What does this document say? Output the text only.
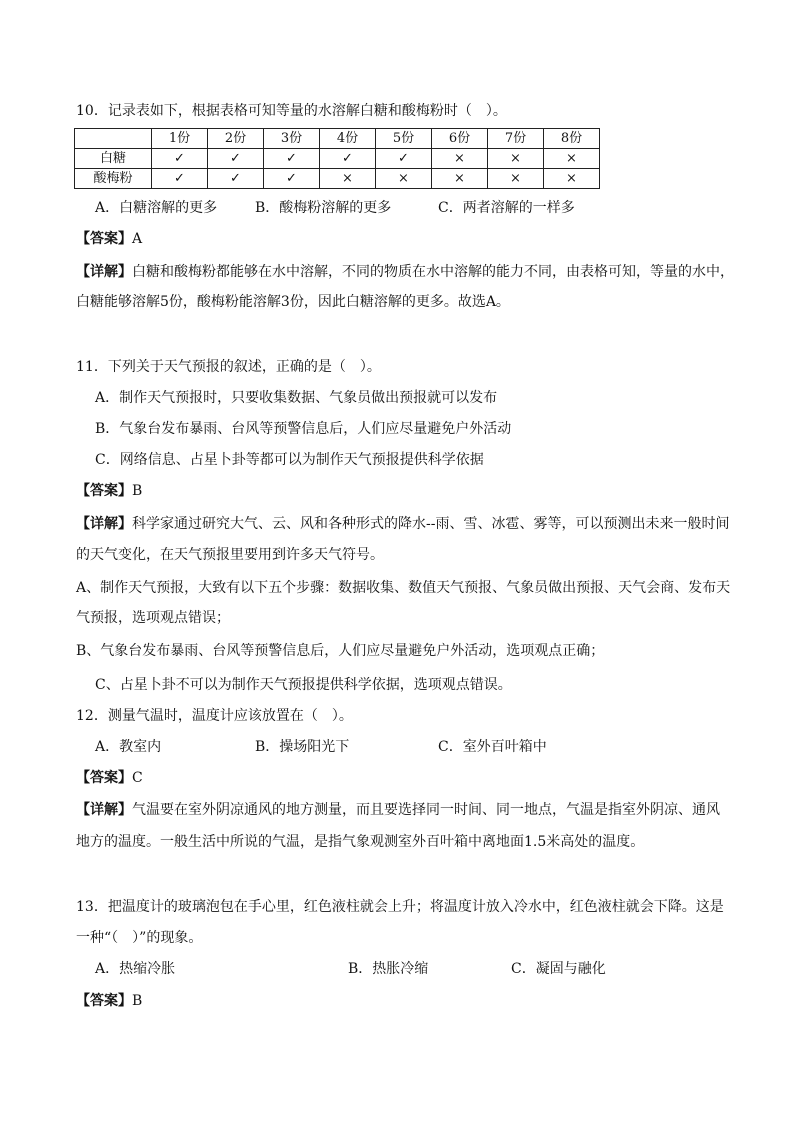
10．记录表如下，根据表格可知等量的水溶解白糖和酸梅粉时（　）。
	1份	2份	3份	4份	5份	6份	7份	8份
白糖	✓	✓	✓	✓	✓	×	×	×
酸梅粉	✓	✓	✓	×	×	×	×	×
A．白糖溶解的更多	B．酸梅粉溶解的更多	C．两者溶解的一样多
【答案】A
【详解】白糖和酸梅粉都能够在水中溶解，不同的物质在水中溶解的能力不同，由表格可知，等量的水中，
白糖能够溶解5份，酸梅粉能溶解3份，因此白糖溶解的更多。故选A。
11．下列关于天气预报的叙述，正确的是（　）。
A．制作天气预报时，只要收集数据、气象员做出预报就可以发布
B．气象台发布暴雨、台风等预警信息后，人们应尽量避免户外活动
C．网络信息、占星卜卦等都可以为制作天气预报提供科学依据
【答案】B
【详解】科学家通过研究大气、云、风和各种形式的降水--雨、雪、冰雹、雾等，可以预测出未来一般时间
的天气变化，在天气预报里要用到许多天气符号。
A、制作天气预报，大致有以下五个步骤：数据收集、数值天气预报、气象员做出预报、天气会商、发布天
气预报，选项观点错误；
B、气象台发布暴雨、台风等预警信息后，人们应尽量避免户外活动，选项观点正确；
C、占星卜卦不可以为制作天气预报提供科学依据，选项观点错误。
12．测量气温时，温度计应该放置在（　）。
A．教室内	B．操场阳光下	C．室外百叶箱中
【答案】C
【详解】气温要在室外阴凉通风的地方测量，而且要选择同一时间、同一地点，气温是指室外阴凉、通风
地方的温度。一般生活中所说的气温，是指气象观测室外百叶箱中离地面1.5米高处的温度。
13．把温度计的玻璃泡包在手心里，红色液柱就会上升；将温度计放入冷水中，红色液柱就会下降。这是
一种“（　）”的现象。
A．热缩冷胀	B．热胀冷缩	C．凝固与融化
【答案】B
